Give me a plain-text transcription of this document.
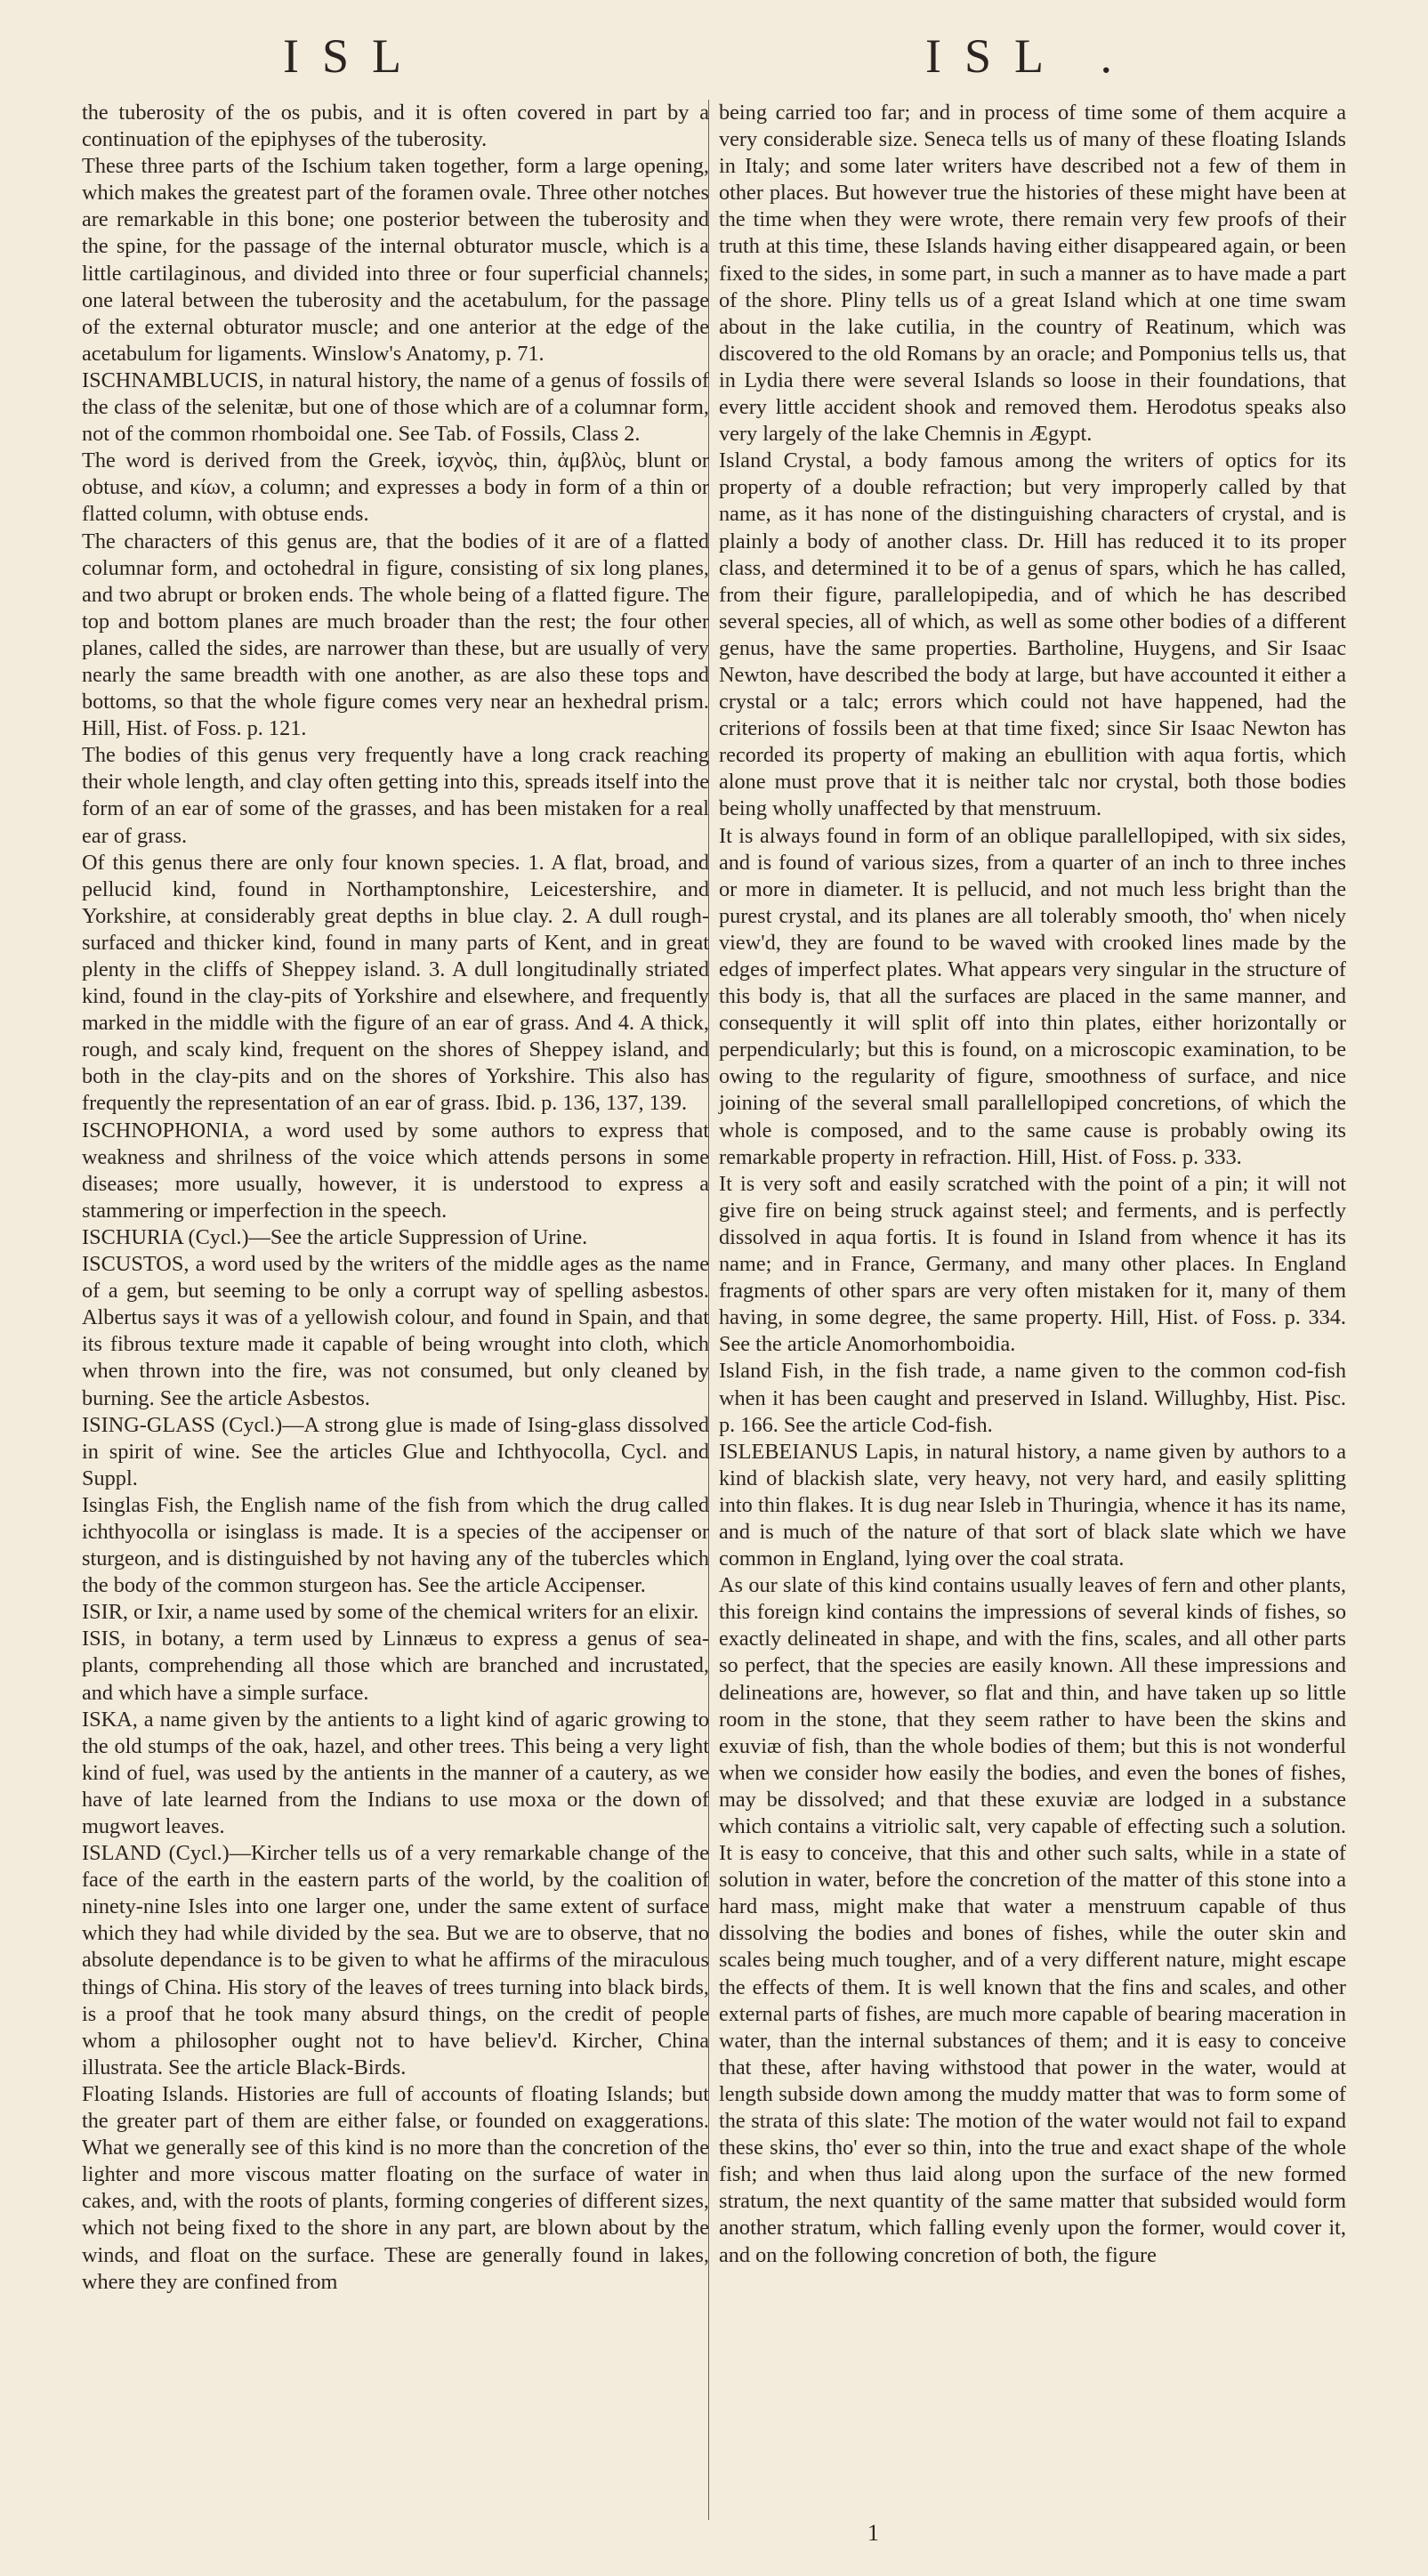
ISL	ISL .

the tuberosity of the os pubis, and it is often covered in part by a continuation of the epiphyses of the tuberosity.

These three parts of the Ischium taken together, form a large opening, which makes the greatest part of the foramen ovale. Three other notches are remarkable in this bone; one posterior between the tuberosity and the spine, for the passage of the internal obturator muscle, which is a little cartilaginous, and divided into three or four superficial channels; one lateral between the tuberosity and the acetabulum, for the passage of the external obturator muscle; and one anterior at the edge of the acetabulum for ligaments. Winslow's Anatomy, p. 71.

ISCHNAMBLUCIS, in natural history, the name of a genus of fossils of the class of the selenitæ, but one of those which are of a columnar form, not of the common rhomboidal one. See Tab. of Fossils, Class 2.

The word is derived from the Greek, ἰσχνὸς, thin, ἀμβλὺς, blunt or obtuse, and κίων, a column; and expresses a body in form of a thin or flatted column, with obtuse ends.

The characters of this genus are, that the bodies of it are of a flatted columnar form, and octohedral in figure, consisting of six long planes, and two abrupt or broken ends. The whole being of a flatted figure. The top and bottom planes are much broader than the rest; the four other planes, called the sides, are narrower than these, but are usually of very nearly the same breadth with one another, as are also these tops and bottoms, so that the whole figure comes very near an hexhedral prism. Hill, Hist. of Foss. p. 121.

The bodies of this genus very frequently have a long crack reaching their whole length, and clay often getting into this, spreads itself into the form of an ear of some of the grasses, and has been mistaken for a real ear of grass.

Of this genus there are only four known species. 1. A flat, broad, and pellucid kind, found in Northamptonshire, Leicestershire, and Yorkshire, at considerably great depths in blue clay. 2. A dull rough-surfaced and thicker kind, found in many parts of Kent, and in great plenty in the cliffs of Sheppey island. 3. A dull longitudinally striated kind, found in the clay-pits of Yorkshire and elsewhere, and frequently marked in the middle with the figure of an ear of grass. And 4. A thick, rough, and scaly kind, frequent on the shores of Sheppey island, and both in the clay-pits and on the shores of Yorkshire. This also has frequently the representation of an ear of grass. Ibid. p. 136, 137, 139.

ISCHNOPHONIA, a word used by some authors to express that weakness and shrilness of the voice which attends persons in some diseases; more usually, however, it is understood to express a stammering or imperfection in the speech.

ISCHURIA (Cycl.)—See the article Suppression of Urine.

ISCUSTOS, a word used by the writers of the middle ages as the name of a gem, but seeming to be only a corrupt way of spelling asbestos. Albertus says it was of a yellowish colour, and found in Spain, and that its fibrous texture made it capable of being wrought into cloth, which when thrown into the fire, was not consumed, but only cleaned by burning. See the article Asbestos.

ISING-GLASS (Cycl.)—A strong glue is made of Ising-glass dissolved in spirit of wine. See the articles Glue and Ichthyocolla, Cycl. and Suppl.

Isinglas Fish, the English name of the fish from which the drug called ichthyocolla or isinglass is made. It is a species of the accipenser or sturgeon, and is distinguished by not having any of the tubercles which the body of the common sturgeon has. See the article Accipenser.

ISIR, or Ixir, a name used by some of the chemical writers for an elixir.

ISIS, in botany, a term used by Linnæus to express a genus of sea-plants, comprehending all those which are branched and incrustated, and which have a simple surface.

ISKA, a name given by the antients to a light kind of agaric growing to the old stumps of the oak, hazel, and other trees. This being a very light kind of fuel, was used by the antients in the manner of a cautery, as we have of late learned from the Indians to use moxa or the down of mugwort leaves.

ISLAND (Cycl.)—Kircher tells us of a very remarkable change of the face of the earth in the eastern parts of the world, by the coalition of ninety-nine Isles into one larger one, under the same extent of surface which they had while divided by the sea. But we are to observe, that no absolute dependance is to be given to what he affirms of the miraculous things of China. His story of the leaves of trees turning into black birds, is a proof that he took many absurd things, on the credit of people whom a philosopher ought not to have believ'd. Kircher, China illustrata. See the article Black-Birds.

Floating Islands. Histories are full of accounts of floating Islands; but the greater part of them are either false, or founded on exaggerations. What we generally see of this kind is no more than the concretion of the lighter and more viscous matter floating on the surface of water in cakes, and, with the roots of plants, forming congeries of different sizes, which not being fixed to the shore in any part, are blown about by the winds, and float on the surface. These are generally found in lakes, where they are confined from

being carried too far; and in process of time some of them acquire a very considerable size. Seneca tells us of many of these floating Islands in Italy; and some later writers have described not a few of them in other places. But however true the histories of these might have been at the time when they were wrote, there remain very few proofs of their truth at this time, these Islands having either disappeared again, or been fixed to the sides, in some part, in such a manner as to have made a part of the shore. Pliny tells us of a great Island which at one time swam about in the lake cutilia, in the country of Reatinum, which was discovered to the old Romans by an oracle; and Pomponius tells us, that in Lydia there were several Islands so loose in their foundations, that every little accident shook and removed them. Herodotus speaks also very largely of the lake Chemnis in Ægypt.

Island Crystal, a body famous among the writers of optics for its property of a double refraction; but very improperly called by that name, as it has none of the distinguishing characters of crystal, and is plainly a body of another class. Dr. Hill has reduced it to its proper class, and determined it to be of a genus of spars, which he has called, from their figure, parallelopipedia, and of which he has described several species, all of which, as well as some other bodies of a different genus, have the same properties. Bartholine, Huygens, and Sir Isaac Newton, have described the body at large, but have accounted it either a crystal or a talc; errors which could not have happened, had the criterions of fossils been at that time fixed; since Sir Isaac Newton has recorded its property of making an ebullition with aqua fortis, which alone must prove that it is neither talc nor crystal, both those bodies being wholly unaffected by that menstruum.

It is always found in form of an oblique parallellopiped, with six sides, and is found of various sizes, from a quarter of an inch to three inches or more in diameter. It is pellucid, and not much less bright than the purest crystal, and its planes are all tolerably smooth, tho' when nicely view'd, they are found to be waved with crooked lines made by the edges of imperfect plates. What appears very singular in the structure of this body is, that all the surfaces are placed in the same manner, and consequently it will split off into thin plates, either horizontally or perpendicularly; but this is found, on a microscopic examination, to be owing to the regularity of figure, smoothness of surface, and nice joining of the several small parallellopiped concretions, of which the whole is composed, and to the same cause is probably owing its remarkable property in refraction. Hill, Hist. of Foss. p. 333.

It is very soft and easily scratched with the point of a pin; it will not give fire on being struck against steel; and ferments, and is perfectly dissolved in aqua fortis. It is found in Island from whence it has its name; and in France, Germany, and many other places. In England fragments of other spars are very often mistaken for it, many of them having, in some degree, the same property. Hill, Hist. of Foss. p. 334. See the article Anomorhomboidia.

Island Fish, in the fish trade, a name given to the common cod-fish when it has been caught and preserved in Island. Willughby, Hist. Pisc. p. 166. See the article Cod-fish.

ISLEBEIANUS Lapis, in natural history, a name given by authors to a kind of blackish slate, very heavy, not very hard, and easily splitting into thin flakes. It is dug near Isleb in Thuringia, whence it has its name, and is much of the nature of that sort of black slate which we have common in England, lying over the coal strata.

As our slate of this kind contains usually leaves of fern and other plants, this foreign kind contains the impressions of several kinds of fishes, so exactly delineated in shape, and with the fins, scales, and all other parts so perfect, that the species are easily known. All these impressions and delineations are, however, so flat and thin, and have taken up so little room in the stone, that they seem rather to have been the skins and exuviæ of fish, than the whole bodies of them; but this is not wonderful when we consider how easily the bodies, and even the bones of fishes, may be dissolved; and that these exuviæ are lodged in a substance which contains a vitriolic salt, very capable of effecting such a solution. It is easy to conceive, that this and other such salts, while in a state of solution in water, before the concretion of the matter of this stone into a hard mass, might make that water a menstruum capable of thus dissolving the bodies and bones of fishes, while the outer skin and scales being much tougher, and of a very different nature, might escape the effects of them. It is well known that the fins and scales, and other external parts of fishes, are much more capable of bearing maceration in water, than the internal substances of them; and it is easy to conceive that these, after having withstood that power in the water, would at length subside down among the muddy matter that was to form some of the strata of this slate: The motion of the water would not fail to expand these skins, tho' ever so thin, into the true and exact shape of the whole fish; and when thus laid along upon the surface of the new formed stratum, the next quantity of the same matter that subsided would form another stratum, which falling evenly upon the former, would cover it, and on the following concretion of both, the figure

1
